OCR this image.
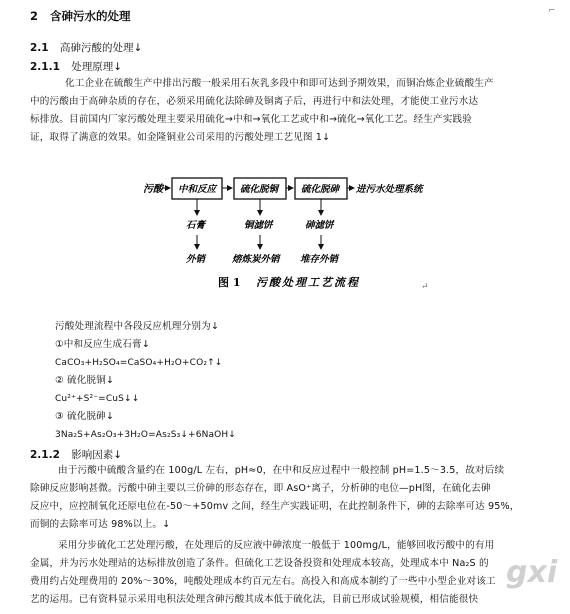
2 含砷污水的处理	⌐
2.1 高砷污酸的处理↓
2.1.1 处理原理↓
化工企业在硫酸生产中排出污酸一般采用石灰乳多段中和即可达到予期效果，而铜冶炼企业硫酸生产
中的污酸由于高砷杂质的存在，必须采用硫化法除砷及铜离子后，再进行中和法处理，才能使工业污水达
标排放。目前国内厂家污酸处理主要采用硫化→中和→氧化工艺或中和→硫化→氧化工艺。经生产实践验
证，取得了满意的效果。如金隆铜业公司采用的污酸处理工艺见图 1↓
污酸 中和反应	硫化脱铜 硫化脱砷 进污水处理系统
石膏	铜滤饼	砷滤饼
外销	熔炼炭外销 堆存外销
图 1 污酸处理工艺流程	↵
污酸处理流程中各段反应机理分别为↓
①中和反应生成石膏↓
CaCO₃+H₂SO₄=CaSO₄+H₂O+CO₂↑↓
② 硫化脱铜↓
Cu²⁺+S²⁻=CuS↓↓
③ 硫化脱砷↓
3Na₂S+As₂O₃+3H₂O=As₂S₃↓+6NaOH↓
2.1.2 影响因素↓
由于污酸中硫酸含量约在 100g/L 左右，pH≈0，在中和反应过程中一般控制 pH=1.5～3.5，故对后续
除砷反应影响甚微。污酸中砷主要以三价砷的形态存在，即 AsO⁺离子，分析砷的电位—pH图，在硫化去砷
反应中，应控制氧化还原电位在-50～+50mv 之间，经生产实践证明，在此控制条件下，砷的去除率可达 95%，
而铜的去除率可达 98%以上。↓
采用分步硫化工艺处理污酸，在处理后的反应液中砷浓度一般低于 100mg/L，能够回收污酸中的有用
金属，并为污水处理站的达标排放创造了条件。但硫化工艺设备投资和处理成本较高，处理成本中 Na₂S 的
费用约占处理费用的 20%～30%，吨酸处理成本约百元左右。高投入和高成本制约了一些中小型企业对该工
艺的运用。已有资料显示采用电积法处理含砷污酸其成本低于硫化法，目前已形成试验规模，相信能很快
gxi
